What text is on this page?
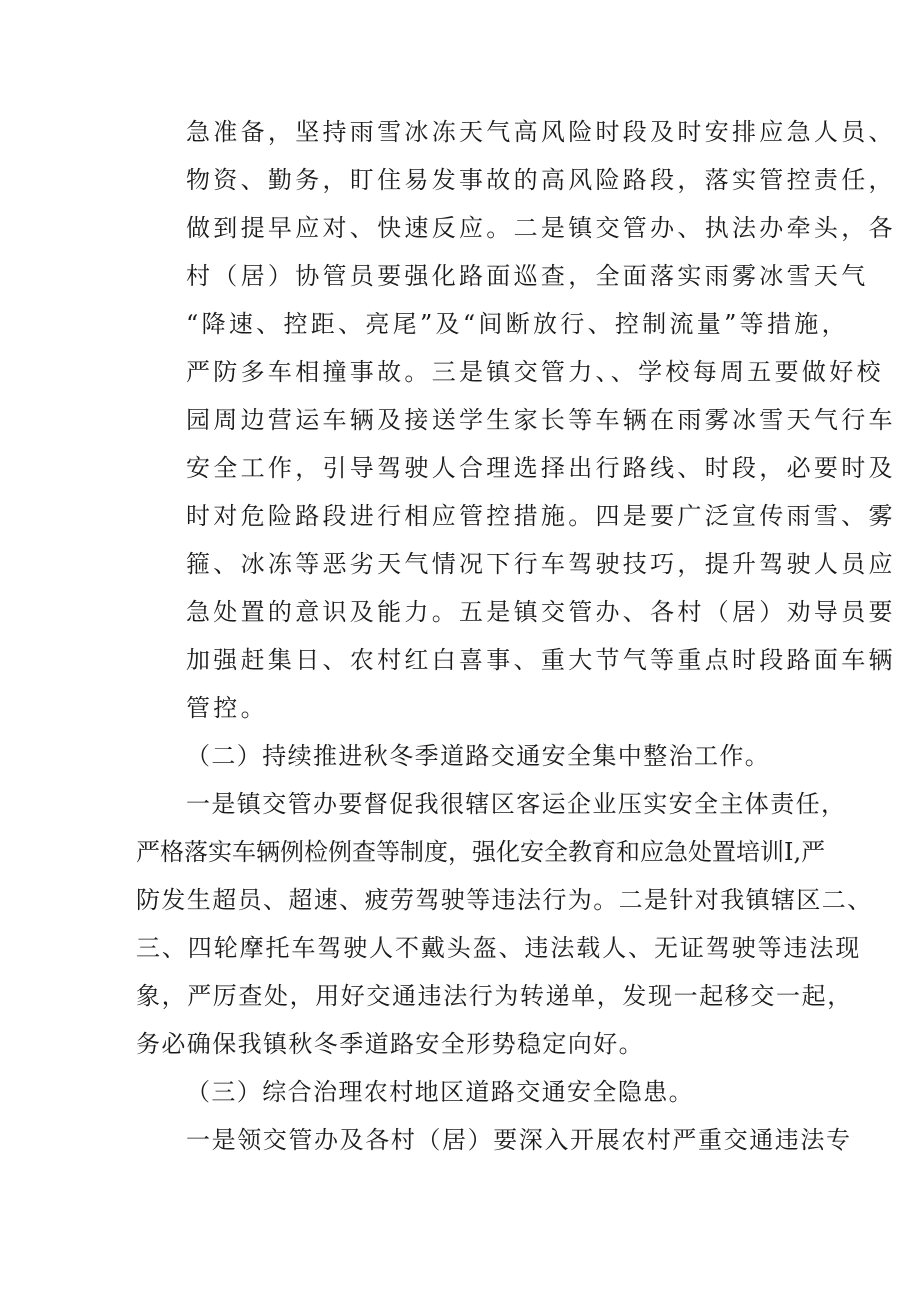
急准备，坚持雨雪冰冻天气高风险时段及时安排应急人员、
物资、勤务，盯住易发事故的高风险路段，落实管控责任，
做到提早应对、快速反应。二是镇交管办、执法办牵头，各
村（居）协管员要强化路面巡查，全面落实雨雾冰雪天气
“降速、控距、亮尾”及“间断放行、控制流量”等措施，
严防多车相撞事故。三是镇交管力、、学校每周五要做好校
园周边营运车辆及接送学生家长等车辆在雨雾冰雪天气行车
安全工作，引导驾驶人合理选择出行路线、时段，必要时及
时对危险路段进行相应管控措施。四是要广泛宣传雨雪、雾
箍、冰冻等恶劣天气情况下行车驾驶技巧，提升驾驶人员应
急处置的意识及能力。五是镇交管办、各村（居）劝导员要
加强赶集日、农村红白喜事、重大节气等重点时段路面车辆
管控。
（二）持续推进秋冬季道路交通安全集中整治工作。
一是镇交管办要督促我很辖区客运企业压实安全主体责任，
严格落实车辆例检例查等制度，强化安全教育和应急处置培训I,严
防发生超员、超速、疲劳驾驶等违法行为。二是针对我镇辖区二、
三、四轮摩托车驾驶人不戴头盔、违法载人、无证驾驶等违法现
象，严厉查处，用好交通违法行为转递单，发现一起移交一起，
务必确保我镇秋冬季道路安全形势稳定向好。
（三）综合治理农村地区道路交通安全隐患。
一是领交管办及各村（居）要深入开展农村严重交通违法专
